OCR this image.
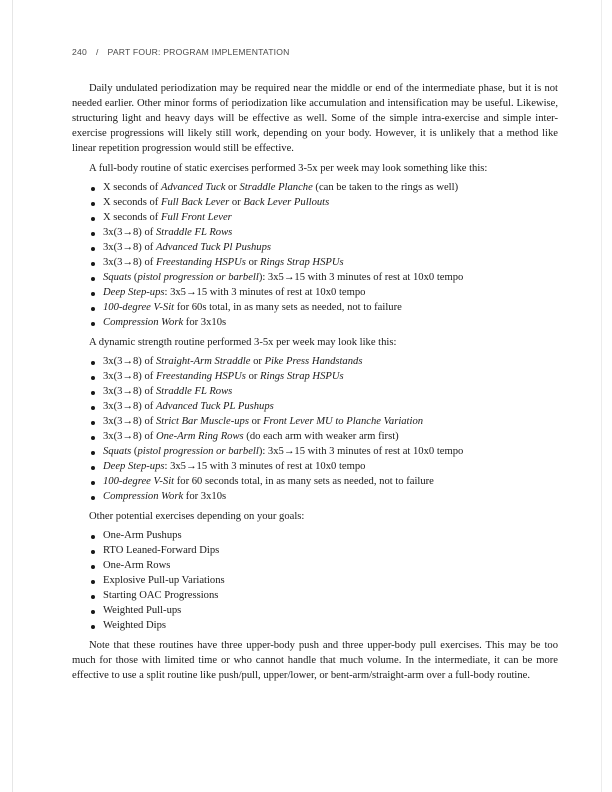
240 / PART FOUR: PROGRAM IMPLEMENTATION

Daily undulated periodization may be required near the middle or end of the intermediate phase, but it is not needed earlier. Other minor forms of periodization like accumulation and intensification may be useful. Likewise, structuring light and heavy days will be effective as well. Some of the simple intra-exercise and simple inter-exercise progressions will likely still work, depending on your body. However, it is unlikely that a method like linear repetition progression would still be effective.

A full-body routine of static exercises performed 3-5x per week may look something like this:

X seconds of Advanced Tuck or Straddle Planche (can be taken to the rings as well)
X seconds of Full Back Lever or Back Lever Pullouts
X seconds of Full Front Lever
3x(3→8) of Straddle FL Rows
3x(3→8) of Advanced Tuck Pl Pushups
3x(3→8) of Freestanding HSPUs or Rings Strap HSPUs
Squats (pistol progression or barbell): 3x5→15 with 3 minutes of rest at 10x0 tempo
Deep Step-ups: 3x5→15 with 3 minutes of rest at 10x0 tempo
100-degree V-Sit for 60s total, in as many sets as needed, not to failure
Compression Work for 3x10s

A dynamic strength routine performed 3-5x per week may look like this:

3x(3→8) of Straight-Arm Straddle or Pike Press Handstands
3x(3→8) of Freestanding HSPUs or Rings Strap HSPUs
3x(3→8) of Straddle FL Rows
3x(3→8) of Advanced Tuck PL Pushups
3x(3→8) of Strict Bar Muscle-ups or Front Lever MU to Planche Variation
3x(3→8) of One-Arm Ring Rows (do each arm with weaker arm first)
Squats (pistol progression or barbell): 3x5→15 with 3 minutes of rest at 10x0 tempo
Deep Step-ups: 3x5→15 with 3 minutes of rest at 10x0 tempo
100-degree V-Sit for 60 seconds total, in as many sets as needed, not to failure
Compression Work for 3x10s

Other potential exercises depending on your goals:

One-Arm Pushups
RTO Leaned-Forward Dips
One-Arm Rows
Explosive Pull-up Variations
Starting OAC Progressions
Weighted Pull-ups
Weighted Dips

Note that these routines have three upper-body push and three upper-body pull exercises. This may be too much for those with limited time or who cannot handle that much volume. In the intermediate, it can be more effective to use a split routine like push/pull, upper/lower, or bent-arm/straight-arm over a full-body routine.
